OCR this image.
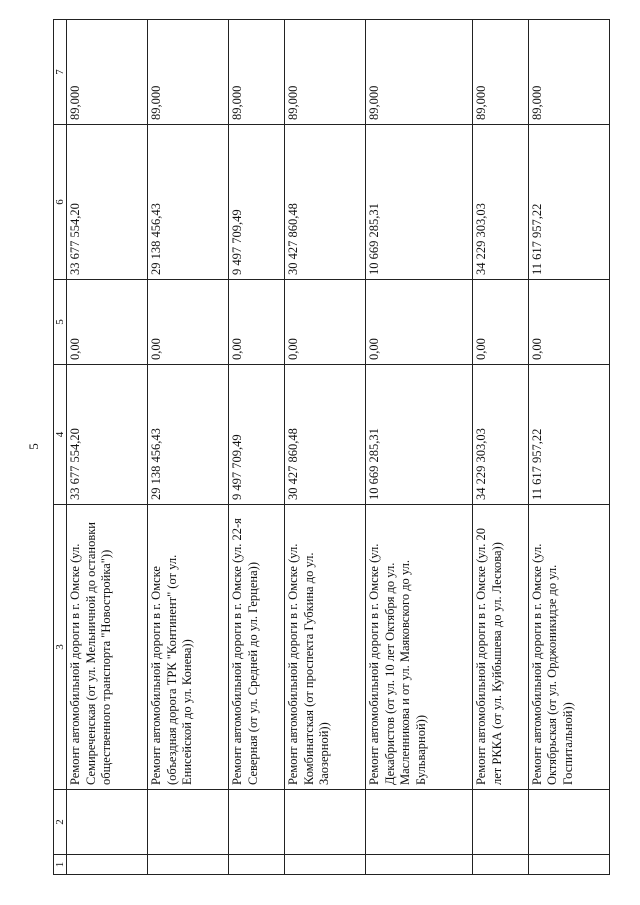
5
1	2	3	4	5	6	7
		Ремонт автомобильной дороги в г. Омске (ул. Семиреченская (от ул. Мельничной до остановки общественного транспорта "Новостройка"))	33 677 554,20	0,00	33 677 554,20	89,000
		Ремонт автомобильной дороги в г. Омске (объездная дорога ТРК "Континент" (от ул. Енисейской до ул. Конева))	29 138 456,43	0,00	29 138 456,43	89,000
		Ремонт автомобильной дороги в г. Омске (ул. 22-я Северная (от ул. Средней до ул. Герцена))	9 497 709,49	0,00	9 497 709,49	89,000
		Ремонт автомобильной дороги в г. Омске (ул. Комбинатская (от проспекта Губкина до ул. Заозерной))	30 427 860,48	0,00	30 427 860,48	89,000
		Ремонт автомобильной дороги в г. Омске (ул. Декабристов (от ул. 10 лет Октября до ул. Масленникова и от ул. Маяковского до ул. Бульварной))	10 669 285,31	0,00	10 669 285,31	89,000
		Ремонт автомобильной дороги в г. Омске (ул. 20 лет РККА (от ул. Куйбышева до ул. Лескова))	34 229 303,03	0,00	34 229 303,03	89,000
		Ремонт автомобильной дороги в г. Омске (ул. Октябрьская (от ул. Орджоникидзе до ул. Госпитальной))	11 617 957,22	0,00	11 617 957,22	89,000
